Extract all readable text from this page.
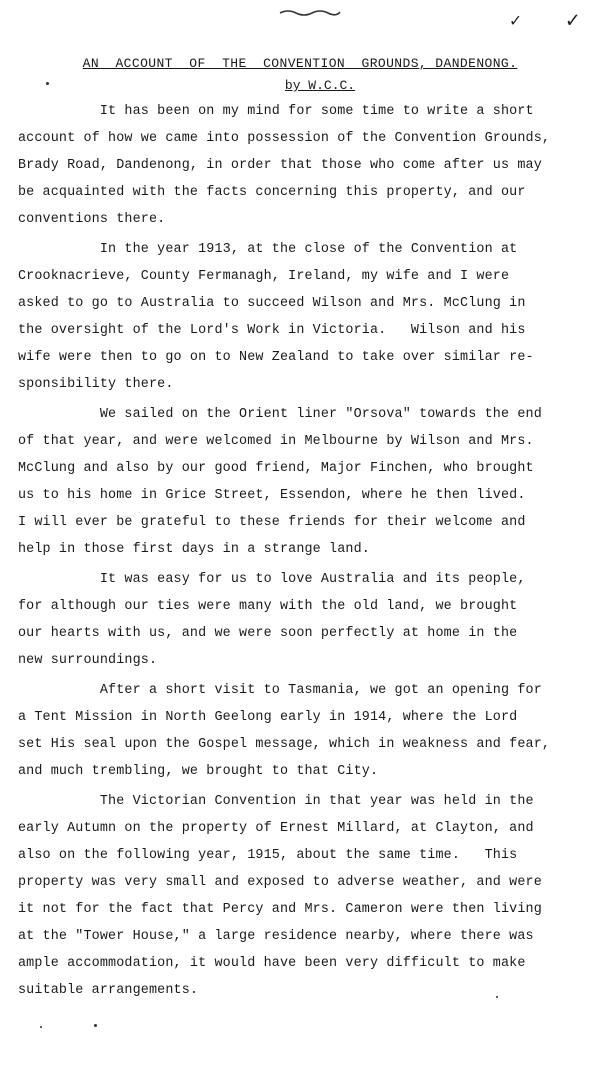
✓ ✓
AN  ACCOUNT  OF  THE  CONVENTION  GROUNDS, DANDENONG.
by W.C.C.
It has been on my mind for some time to write a short
account of how we came into possession of the Convention Grounds,
Brady Road, Dandenong, in order that those who come after us may
be acquainted with the facts concerning this property, and our
conventions there.
In the year 1913, at the close of the Convention at
Crooknacrieve, County Fermanagh, Ireland, my wife and I were
asked to go to Australia to succeed Wilson and Mrs. McClung in
the oversight of the Lord's Work in Victoria.   Wilson and his
wife were then to go on to New Zealand to take over similar re-
sponsibility there.
We sailed on the Orient liner "Orsova" towards the end
of that year, and were welcomed in Melbourne by Wilson and Mrs.
McClung and also by our good friend, Major Finchen, who brought
us to his home in Grice Street, Essendon, where he then lived.
I will ever be grateful to these friends for their welcome and
help in those first days in a strange land.
It was easy for us to love Australia and its people,
for although our ties were many with the old land, we brought
our hearts with us, and we were soon perfectly at home in the
new surroundings.
After a short visit to Tasmania, we got an opening for
a Tent Mission in North Geelong early in 1914, where the Lord
set His seal upon the Gospel message, which in weakness and fear,
and much trembling, we brought to that City.
The Victorian Convention in that year was held in the
early Autumn on the property of Ernest Millard, at Clayton, and
also on the following year, 1915, about the same time.   This
property was very small and exposed to adverse weather, and were
it not for the fact that Percy and Mrs. Cameron were then living
at the "Tower House," a large residence nearby, where there was
ample accommodation, it would have been very difficult to make
suitable arrangements.
